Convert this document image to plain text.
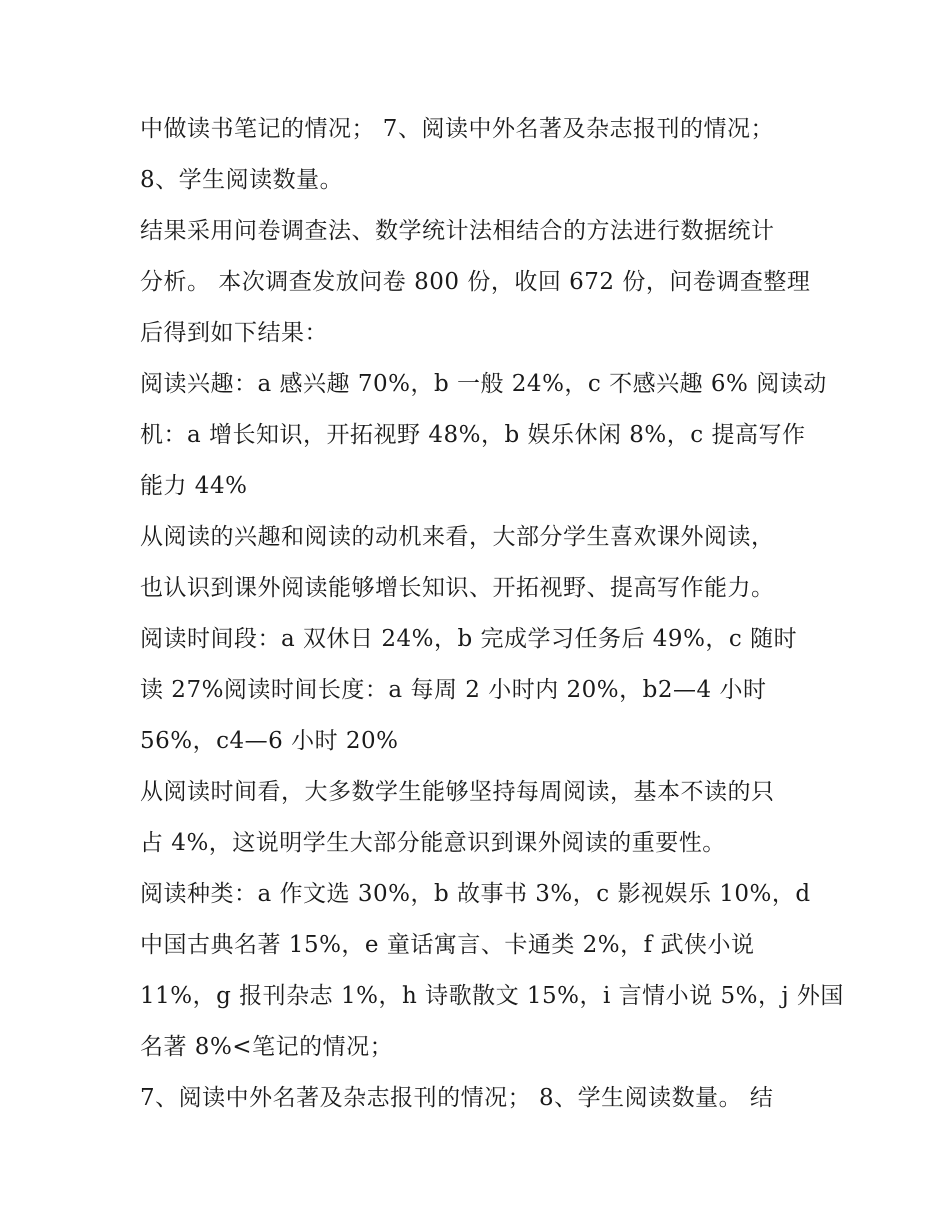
中做读书笔记的情况； 7、阅读中外名著及杂志报刊的情况；
8、学生阅读数量。
结果采用问卷调查法、数学统计法相结合的方法进行数据统计
分析。 本次调查发放问卷 800 份，收回 672 份，问卷调查整理
后得到如下结果：
阅读兴趣：a 感兴趣 70%，b 一般 24%，c 不感兴趣 6% 阅读动
机：a 增长知识，开拓视野 48%，b 娱乐休闲 8%，c 提高写作
能力 44%
从阅读的兴趣和阅读的动机来看，大部分学生喜欢课外阅读，
也认识到课外阅读能够增长知识、开拓视野、提高写作能力。
阅读时间段：a 双休日 24%，b 完成学习任务后 49%，c 随时
读 27%阅读时间长度：a 每周 2 小时内 20%，b2—4 小时
56%，c4—6 小时 20%
从阅读时间看，大多数学生能够坚持每周阅读，基本不读的只
占 4%，这说明学生大部分能意识到课外阅读的重要性。
阅读种类：a 作文选 30%，b 故事书 3%，c 影视娱乐 10%，d
中国古典名著 15%，e 童话寓言、卡通类 2%，f 武侠小说
11%，g 报刊杂志 1%，h 诗歌散文 15%，i 言情小说 5%，j 外国
名著 8%<笔记的情况；
7、阅读中外名著及杂志报刊的情况； 8、学生阅读数量。 结
